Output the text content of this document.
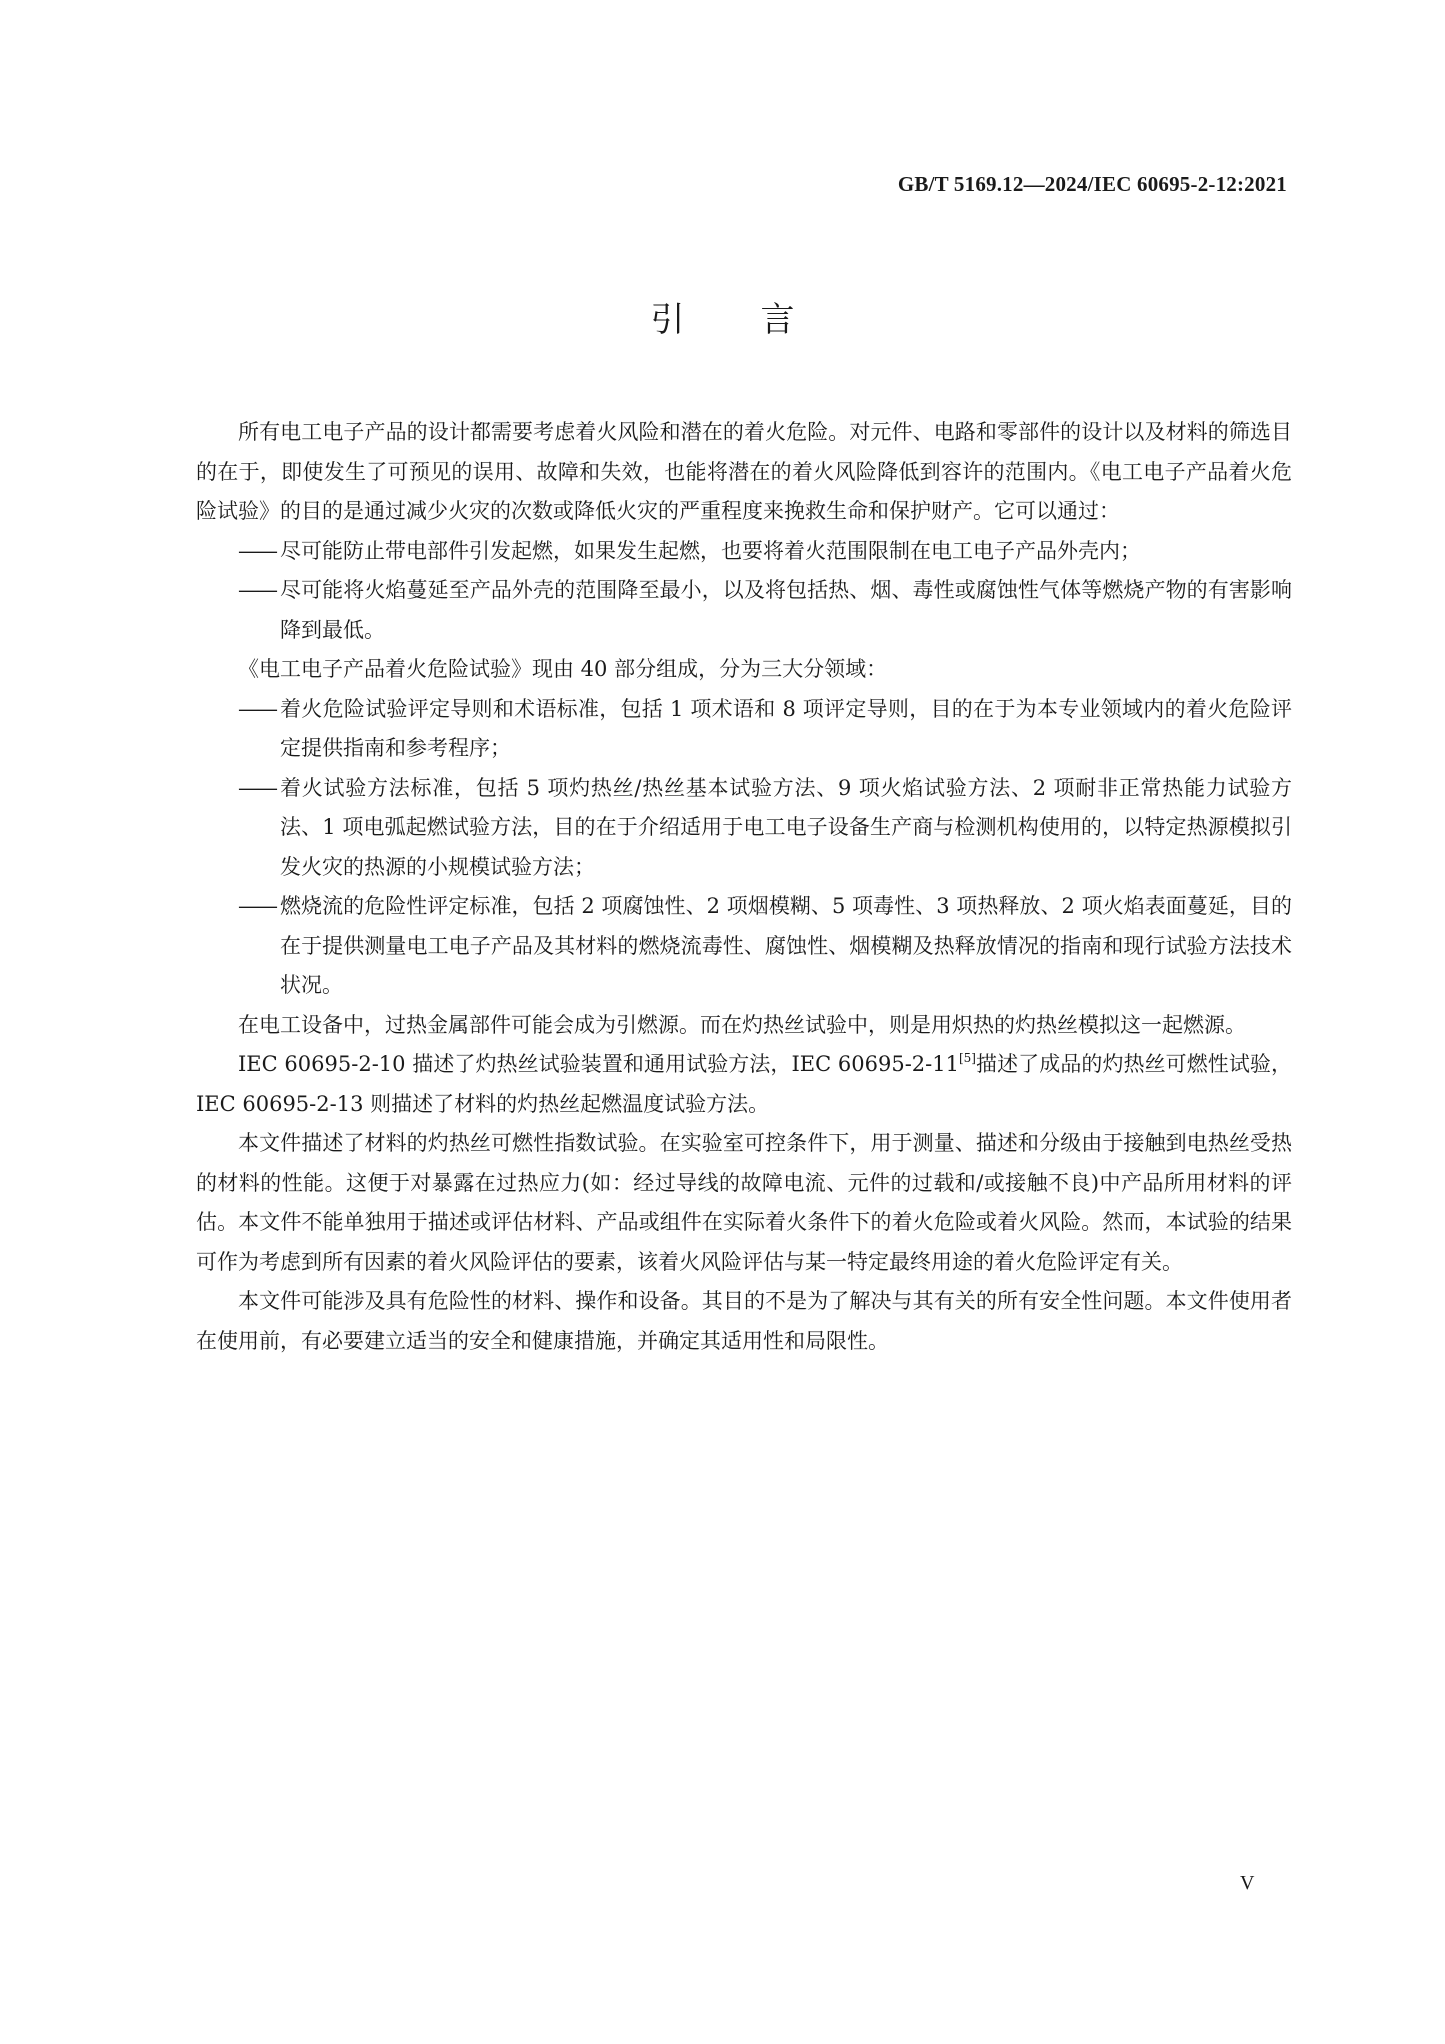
GB/T 5169.12—2024/IEC 60695-2-12:2021
引言

所有电工电子产品的设计都需要考虑着火风险和潜在的着火危险。对元件、电路和零部件的设计以及材料的筛选目的在于，即使发生了可预见的误用、故障和失效，也能将潜在的着火风险降低到容许的范围内。《电工电子产品着火危险试验》的目的是通过减少火灾的次数或降低火灾的严重程度来挽救生命和保护财产。它可以通过：

—— 尽可能防止带电部件引发起燃，如果发生起燃，也要将着火范围限制在电工电子产品外壳内；
—— 尽可能将火焰蔓延至产品外壳的范围降至最小，以及将包括热、烟、毒性或腐蚀性气体等燃烧产物的有害影响降到最低。

《电工电子产品着火危险试验》现由 40 部分组成，分为三大分领域：

—— 着火危险试验评定导则和术语标准，包括 1 项术语和 8 项评定导则，目的在于为本专业领域内的着火危险评定提供指南和参考程序；
—— 着火试验方法标准，包括 5 项灼热丝/热丝基本试验方法、9 项火焰试验方法、2 项耐非正常热能力试验方法、1 项电弧起燃试验方法，目的在于介绍适用于电工电子设备生产商与检测机构使用的，以特定热源模拟引发火灾的热源的小规模试验方法；
—— 燃烧流的危险性评定标准，包括 2 项腐蚀性、2 项烟模糊、5 项毒性、3 项热释放、2 项火焰表面蔓延，目的在于提供测量电工电子产品及其材料的燃烧流毒性、腐蚀性、烟模糊及热释放情况的指南和现行试验方法技术状况。

在电工设备中，过热金属部件可能会成为引燃源。而在灼热丝试验中，则是用炽热的灼热丝模拟这一起燃源。

IEC 60695-2-10 描述了灼热丝试验装置和通用试验方法，IEC 60695-2-11[5]描述了成品的灼热丝可燃性试验，IEC 60695-2-13 则描述了材料的灼热丝起燃温度试验方法。

本文件描述了材料的灼热丝可燃性指数试验。在实验室可控条件下，用于测量、描述和分级由于接触到电热丝受热的材料的性能。这便于对暴露在过热应力(如：经过导线的故障电流、元件的过载和/或接触不良)中产品所用材料的评估。本文件不能单独用于描述或评估材料、产品或组件在实际着火条件下的着火危险或着火风险。然而，本试验的结果可作为考虑到所有因素的着火风险评估的要素，该着火风险评估与某一特定最终用途的着火危险评定有关。

本文件可能涉及具有危险性的材料、操作和设备。其目的不是为了解决与其有关的所有安全性问题。本文件使用者在使用前，有必要建立适当的安全和健康措施，并确定其适用性和局限性。

V
